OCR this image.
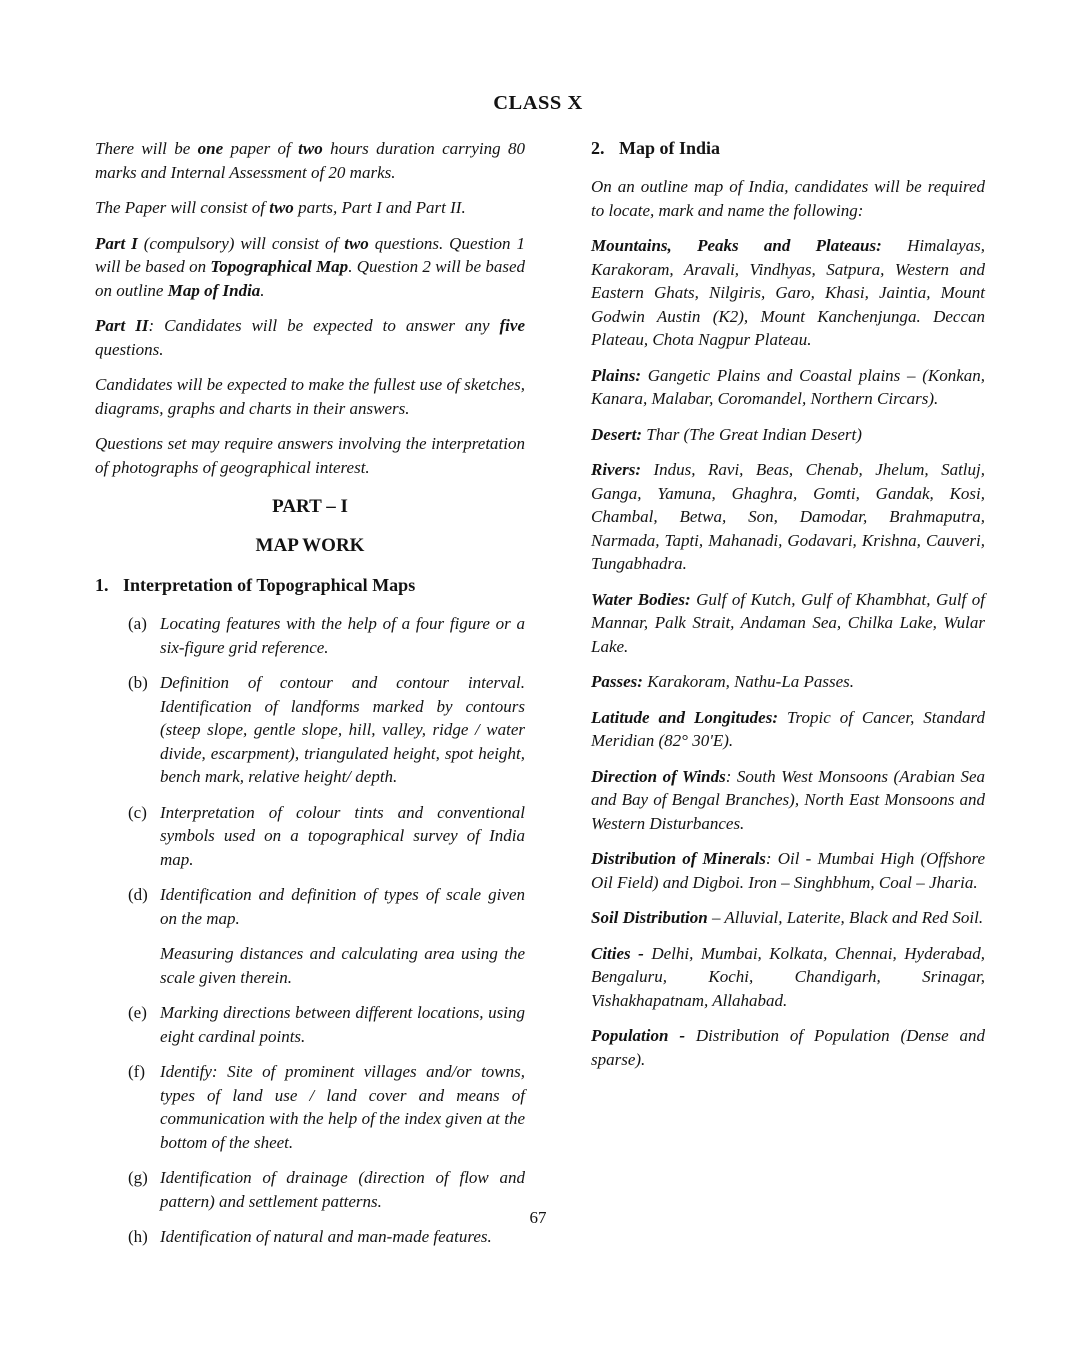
CLASS X

There will be one paper of two hours duration carrying 80 marks and Internal Assessment of 20 marks.

The Paper will consist of two parts, Part I and Part II.

Part I (compulsory) will consist of two questions. Question 1 will be based on Topographical Map. Question 2 will be based on outline Map of India.

Part II: Candidates will be expected to answer any five questions.

Candidates will be expected to make the fullest use of sketches, diagrams, graphs and charts in their answers.

Questions set may require answers involving the interpretation of photographs of geographical interest.

PART – I
MAP WORK
1. Interpretation of Topographical Maps
(a) Locating features with the help of a four figure or a six-figure grid reference.
(b) Definition of contour and contour interval. Identification of landforms marked by contours (steep slope, gentle slope, hill, valley, ridge / water divide, escarpment), triangulated height, spot height, bench mark, relative height/ depth.
(c) Interpretation of colour tints and conventional symbols used on a topographical survey of India map.
(d) Identification and definition of types of scale given on the map.
Measuring distances and calculating area using the scale given therein.
(e) Marking directions between different locations, using eight cardinal points.
(f) Identify: Site of prominent villages and/or towns, types of land use / land cover and means of communication with the help of the index given at the bottom of the sheet.
(g) Identification of drainage (direction of flow and pattern) and settlement patterns.
(h) Identification of natural and man-made features.
2. Map of India

On an outline map of India, candidates will be required to locate, mark and name the following:

Mountains, Peaks and Plateaus: Himalayas, Karakoram, Aravali, Vindhyas, Satpura, Western and Eastern Ghats, Nilgiris, Garo, Khasi, Jaintia, Mount Godwin Austin (K2), Mount Kanchenjunga. Deccan Plateau, Chota Nagpur Plateau.

Plains: Gangetic Plains and Coastal plains – (Konkan, Kanara, Malabar, Coromandel, Northern Circars).

Desert: Thar (The Great Indian Desert)

Rivers: Indus, Ravi, Beas, Chenab, Jhelum, Satluj, Ganga, Yamuna, Ghaghra, Gomti, Gandak, Kosi, Chambal, Betwa, Son, Damodar, Brahmaputra, Narmada, Tapti, Mahanadi, Godavari, Krishna, Cauveri, Tungabhadra.

Water Bodies: Gulf of Kutch, Gulf of Khambhat, Gulf of Mannar, Palk Strait, Andaman Sea, Chilka Lake, Wular Lake.

Passes: Karakoram, Nathu-La Passes.

Latitude and Longitudes: Tropic of Cancer, Standard Meridian (82° 30'E).

Direction of Winds: South West Monsoons (Arabian Sea and Bay of Bengal Branches), North East Monsoons and Western Disturbances.

Distribution of Minerals: Oil - Mumbai High (Offshore Oil Field) and Digboi. Iron – Singhbhum, Coal – Jharia.

Soil Distribution – Alluvial, Laterite, Black and Red Soil.

Cities - Delhi, Mumbai, Kolkata, Chennai, Hyderabad, Bengaluru, Kochi, Chandigarh, Srinagar, Vishakhapatnam, Allahabad.

Population - Distribution of Population (Dense and sparse).

67
